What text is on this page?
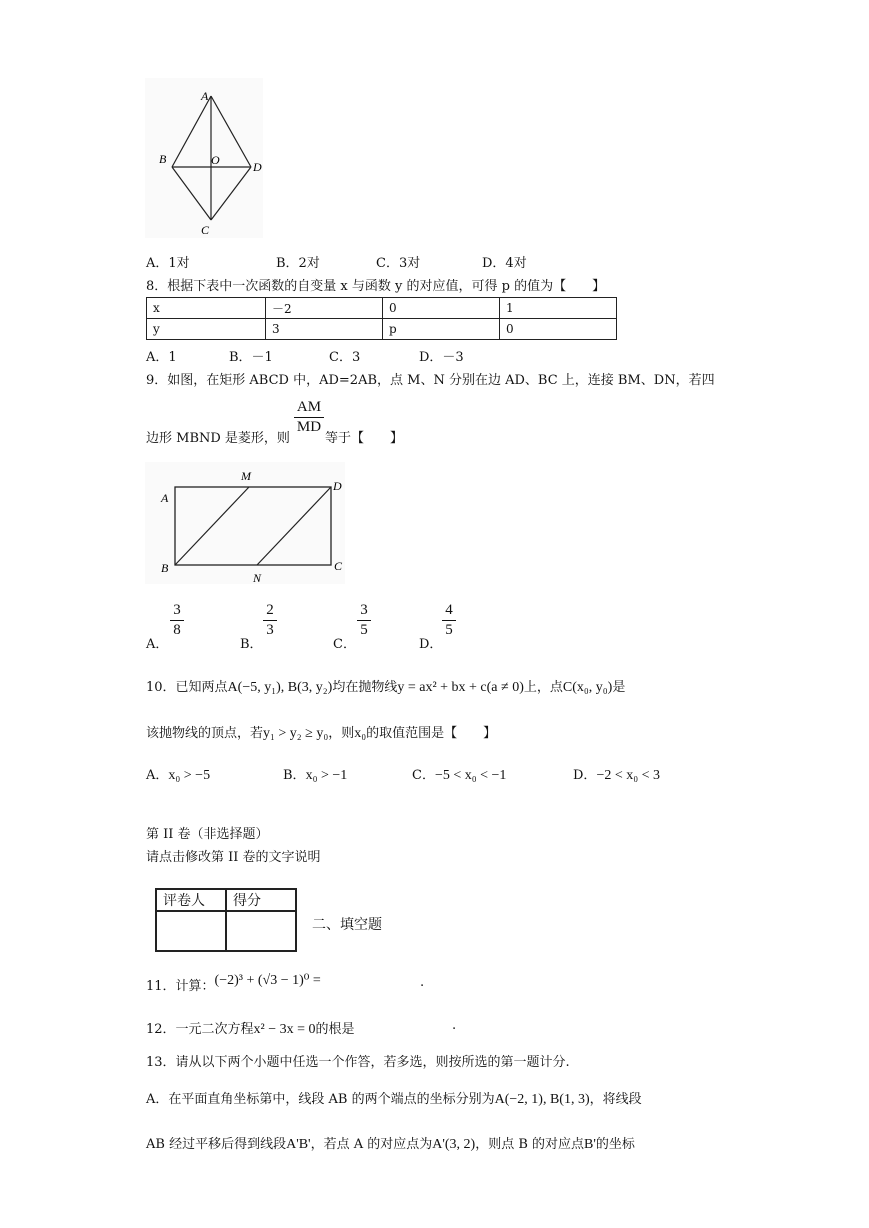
A
B	O	D
C
A．1对	B．2对	C．3对	D．4对
8．根据下表中一次函数的自变量 x 与函数 y 的对应值，可得 p 的值为【　　】
x	－2	0	1
y	3	p	0
A．1	B．－1	C．3	D．－3
9．如图，在矩形 ABCD 中，AD=2AB，点 M、N 分别在边 AD、BC 上，连接 BM、DN，若四
边形 MBND 是菱形，则
AM
MD
等于【　　】
A
M
D
B
N
C
A．
3
8
B．
2
3
C．
3
5
D．
4
5
10．已知两点A(−5, y₁), B(3, y₂)均在抛物线y = ax² + bx + c(a ≠ 0)上，点C(x₀, y₀)是
该抛物线的顶点，若y₁ > y₂ ≥ y₀，则x₀的取值范围是【　　】
A．x₀ > −5	B．x₀ > −1	C．−5 < x₀ < −1	D．−2 < x₀ < 3
第 II 卷（非选择题）
请点击修改第 II 卷的文字说明
评卷人	得分

二、填空题
11．计算：(−2)³ + (√3 − 1)⁰ =	.
12．一元二次方程x² − 3x = 0的根是	.
13．请从以下两个小题中任选一个作答，若多选，则按所选的第一题计分.
A．在平面直角坐标第中，线段 AB 的两个端点的坐标分别为A(−2, 1), B(1, 3)，将线段
AB 经过平移后得到线段A'B'，若点 A 的对应点为A'(3, 2)，则点 B 的对应点B'的坐标
